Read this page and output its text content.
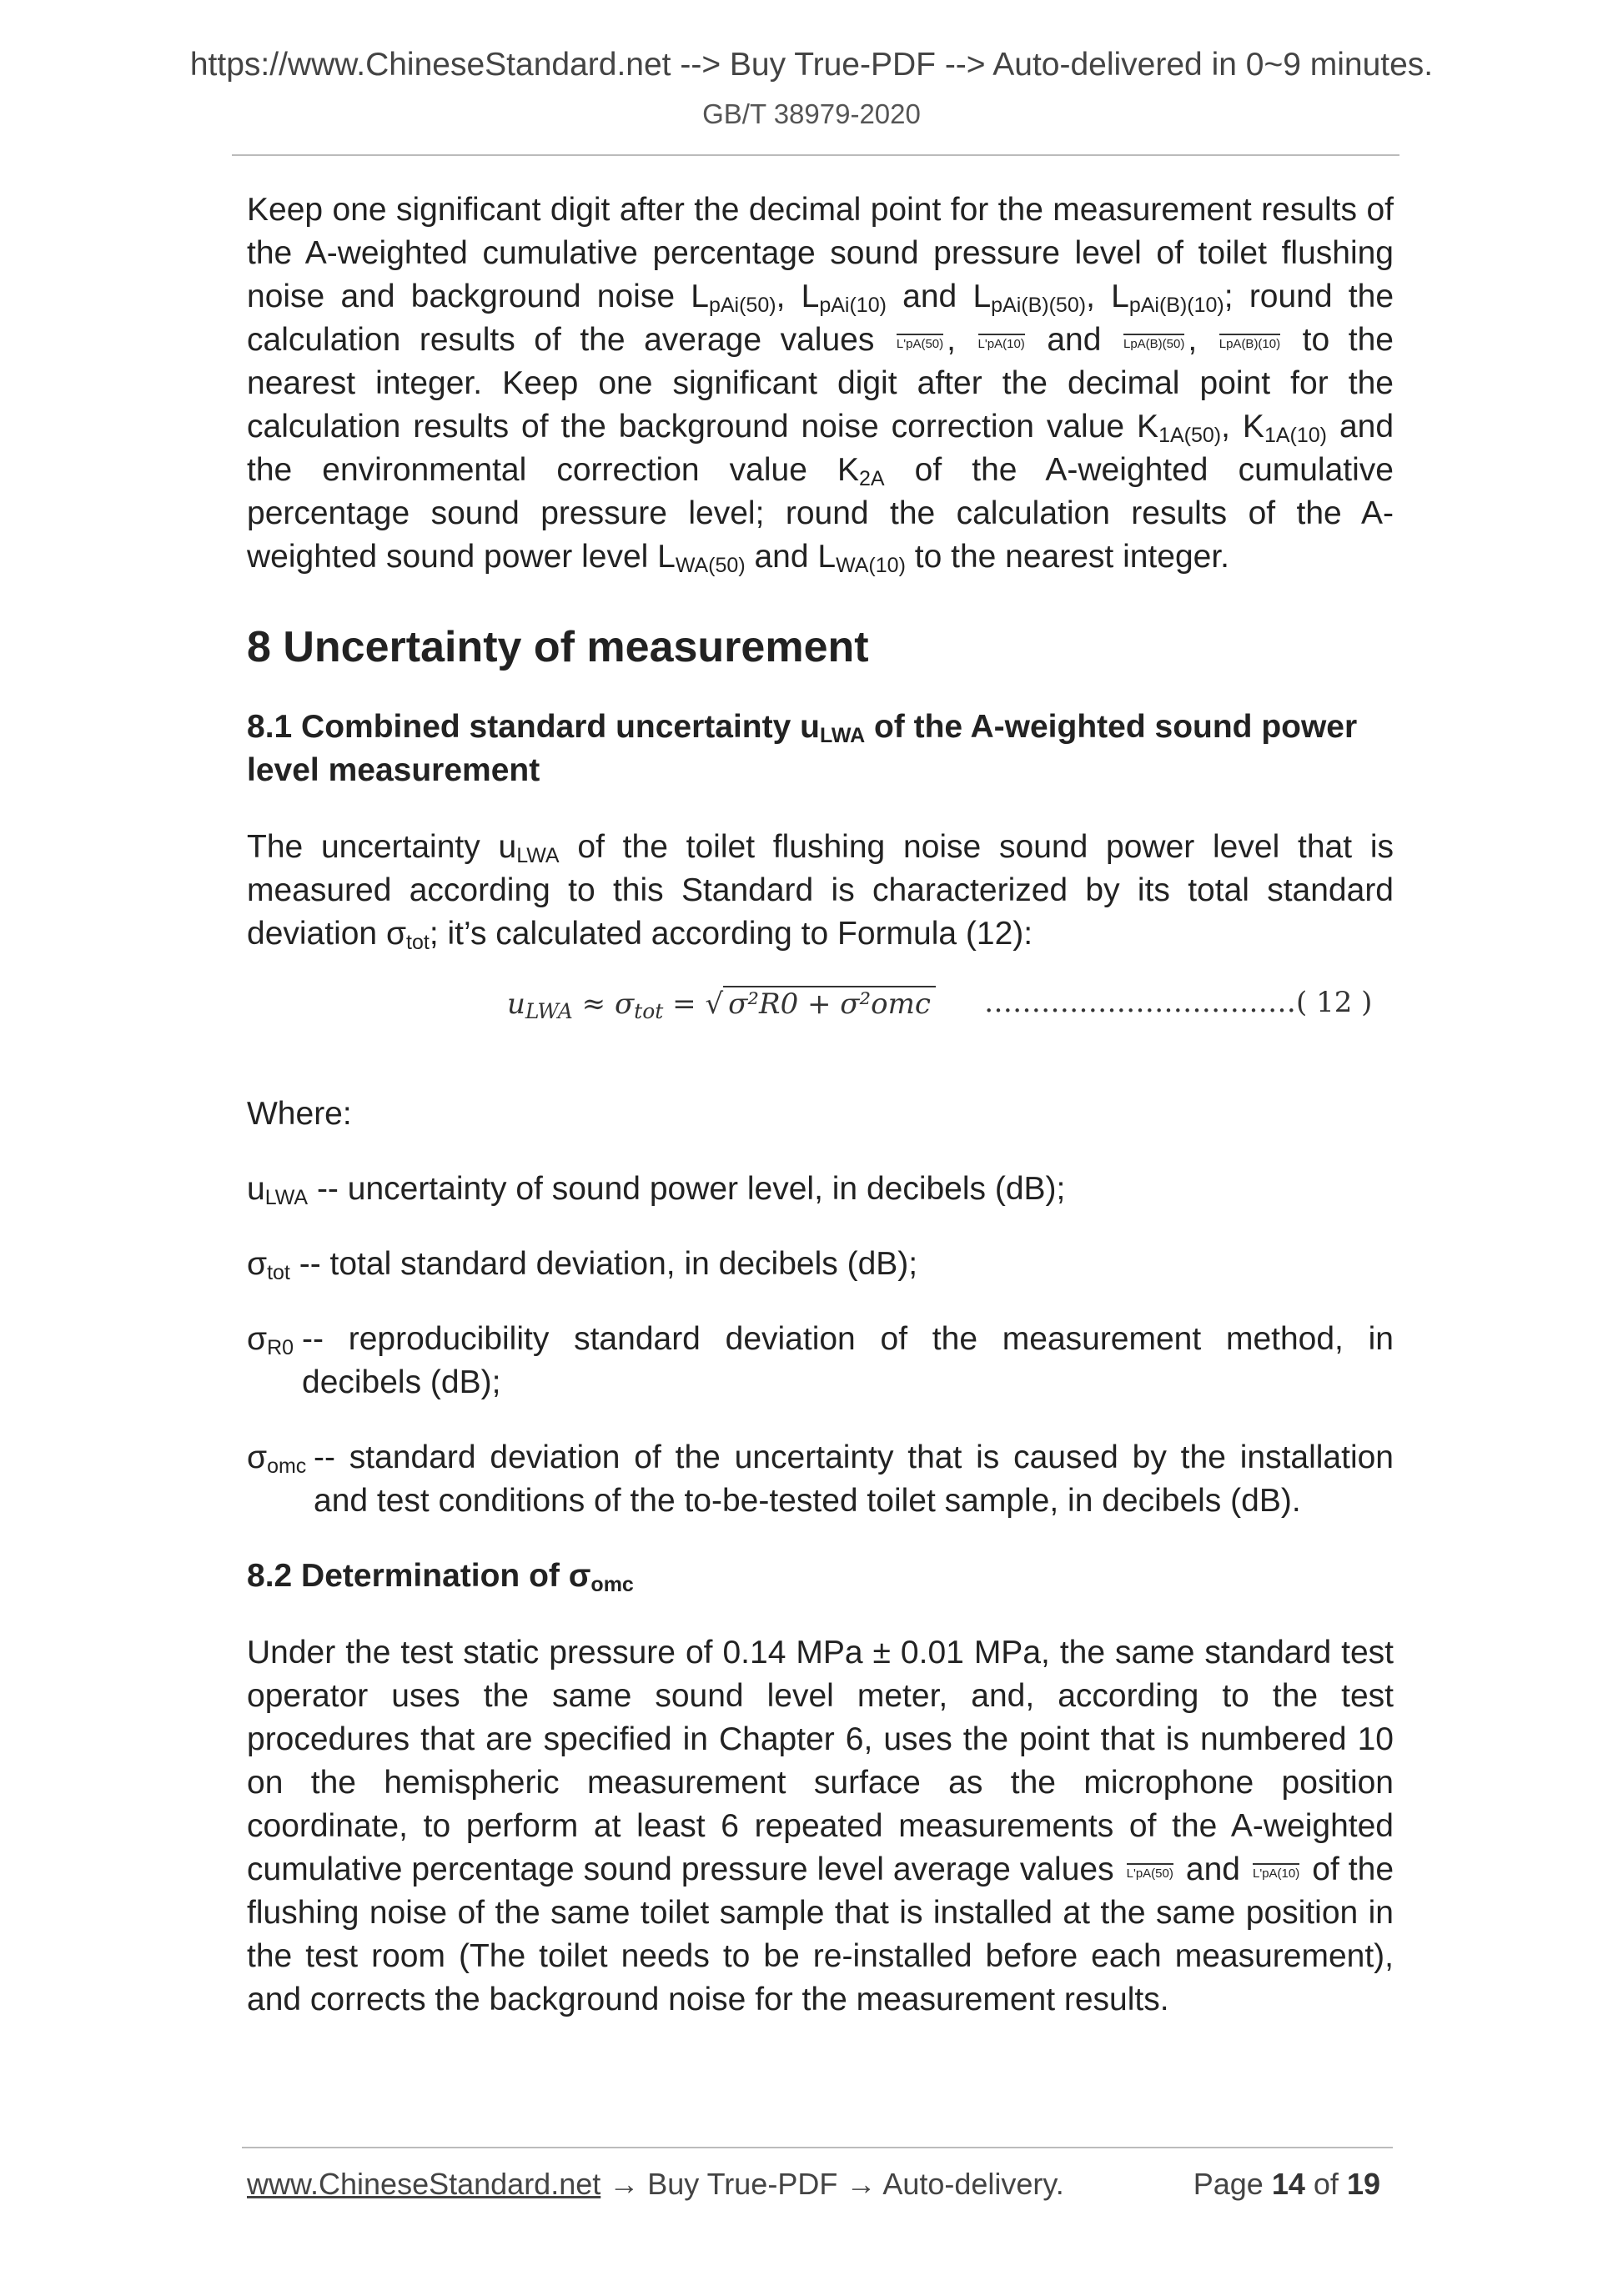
https://www.ChineseStandard.net --> Buy True-PDF --> Auto-delivered in 0~9 minutes.
GB/T 38979-2020

Keep one significant digit after the decimal point for the measurement results of the A-weighted cumulative percentage sound pressure level of toilet flushing noise and background noise $L_{pAi(50)}$, $L_{pAi(10)}$ and $L_{pAi(B)(50)}$, $L_{pAi(B)(10)}$; round the calculation results of the average values L'pA(50) , L'pA(10) and LpA(B)(50) , LpA(B)(10) to the nearest integer. Keep one significant digit after the decimal point for the calculation results of the background noise correction value $K_{1A(50)}$, $K_{1A(10)}$ and the environmental correction value $K_{2A}$ of the A-weighted cumulative percentage sound pressure level; round the calculation results of the A-weighted sound power level $L_{WA(50)}$ and $L_{WA(10)}$ to the nearest integer.

8 Uncertainty of measurement
8.1 Combined standard uncertainty $u_{LWA}$ of the A-weighted sound power level measurement

The uncertainty $u_{LWA}$ of the toilet flushing noise sound power level that is measured according to this Standard is characterized by its total standard deviation $\sigma_{tot}$; it’s calculated according to Formula (12):

$u_{LWA} \approx \sigma_{tot}$ = √ σ²R0 + σ²omc ……………………………( 12 )

Where:

$u_{LWA}$ -- uncertainty of sound power level, in decibels (dB);

$\sigma_{tot}$ -- total standard deviation, in decibels (dB);

$\sigma_{R0}$ -- reproducibility standard deviation of the measurement method, in decibels (dB);

$\sigma_{omc}$ -- standard deviation of the uncertainty that is caused by the installation and test conditions of the to-be-tested toilet sample, in decibels (dB).

8.2 Determination of $\sigma_{omc}$

Under the test static pressure of 0.14 MPa ± 0.01 MPa, the same standard test operator uses the same sound level meter, and, according to the test procedures that are specified in Chapter 6, uses the point that is numbered 10 on the hemispheric measurement surface as the microphone position coordinate, to perform at least 6 repeated measurements of the A-weighted cumulative percentage sound pressure level average values L'pA(50) and L'pA(10) of the flushing noise of the same toilet sample that is installed at the same position in the test room (The toilet needs to be re-installed before each measurement), and corrects the background noise for the measurement results.

www.ChineseStandard.net → Buy True-PDF → Auto-delivery.	Page 14 of 19
